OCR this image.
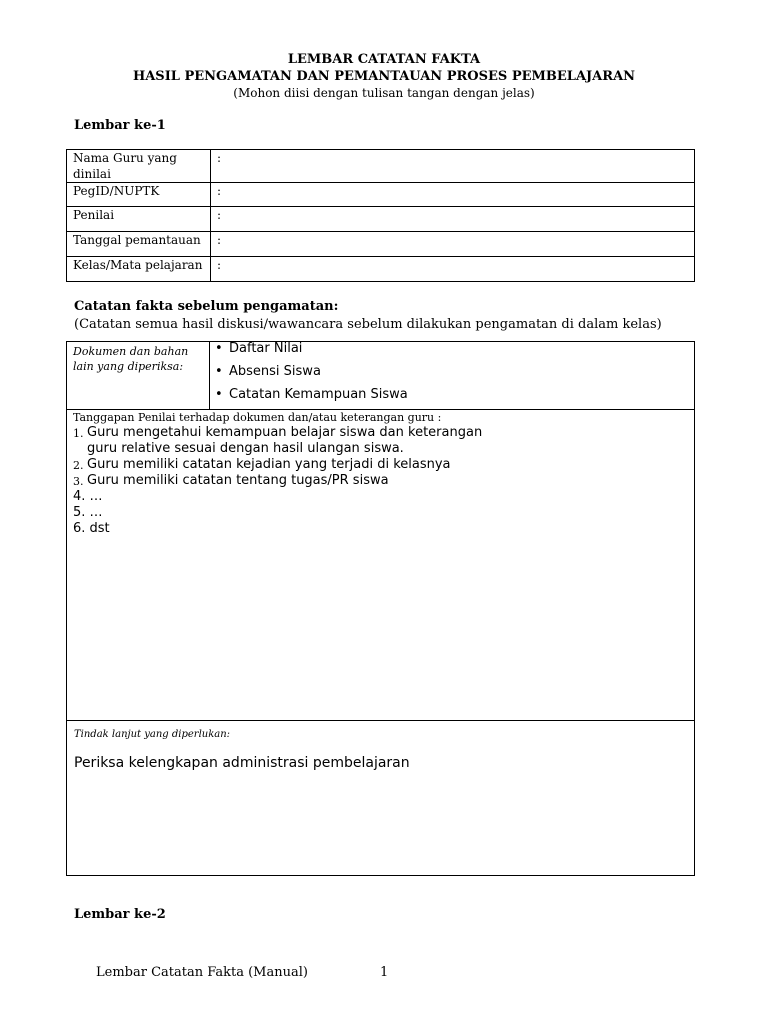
LEMBAR CATATAN FAKTA
HASIL PENGAMATAN DAN PEMANTAUAN PROSES PEMBELAJARAN
(Mohon diisi dengan tulisan tangan dengan jelas)
Lembar ke-1
Nama Guru yang dinilai	:
PegID/NUPTK	:
Penilai	:
Tanggal pemantauan	:
Kelas/Mata pelajaran	:
Catatan fakta sebelum pengamatan:
(Catatan semua hasil diskusi/wawancara sebelum dilakukan pengamatan di dalam kelas)
Dokumen dan bahan lain yang diperiksa:
• Daftar Nilai
• Absensi Siswa
• Catatan Kemampuan Siswa
Tanggapan Penilai terhadap dokumen dan/atau keterangan guru :
1. Guru mengetahui kemampuan belajar siswa dan keterangan
guru relative sesuai dengan hasil ulangan siswa.
2. Guru memiliki catatan kejadian yang terjadi di kelasnya
3. Guru memiliki catatan tentang tugas/PR siswa
4. …
5. …
6. dst
Tindak lanjut yang diperlukan:
Periksa kelengkapan administrasi pembelajaran
Lembar ke-2
Lembar Catatan Fakta (Manual)	1
